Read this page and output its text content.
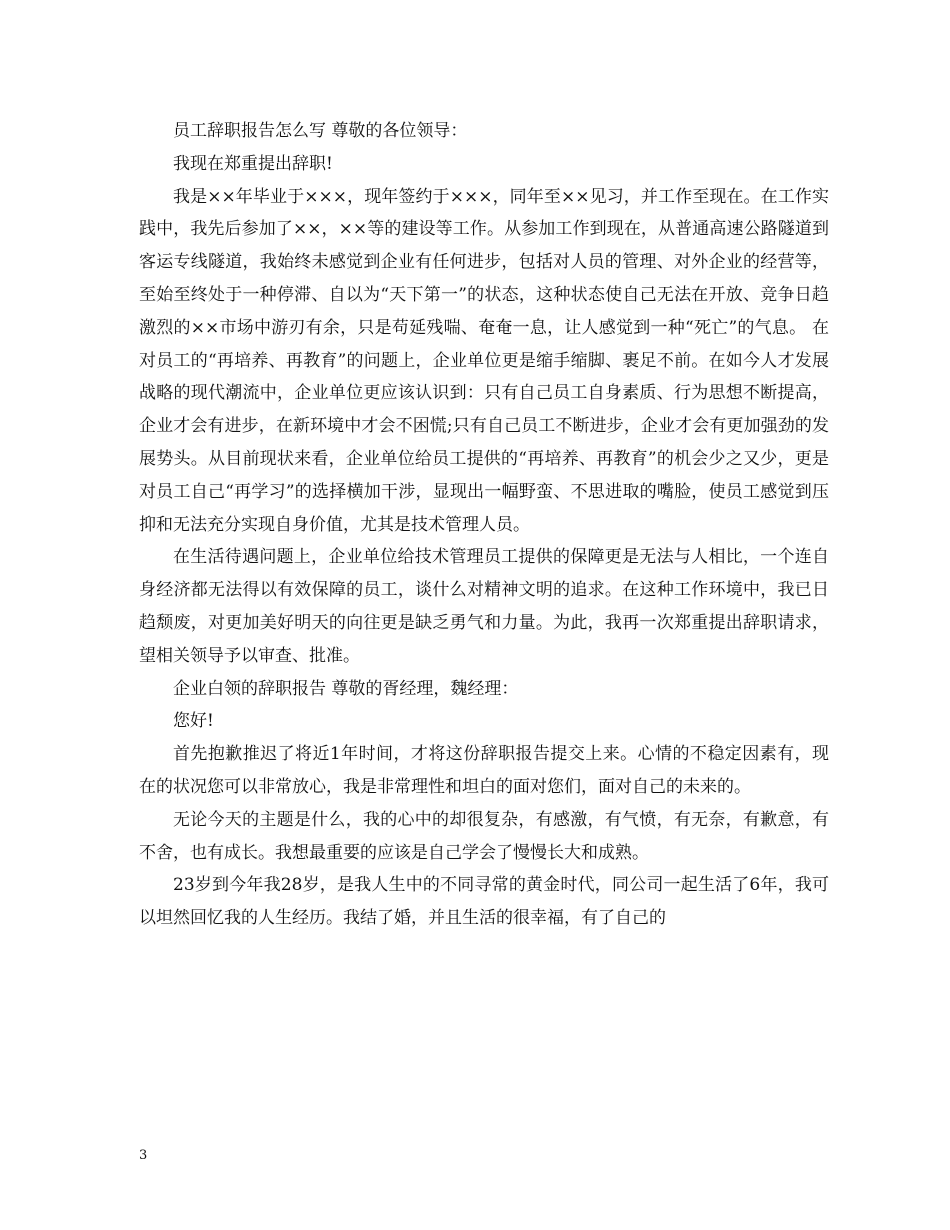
员工辞职报告怎么写 尊敬的各位领导：

我现在郑重提出辞职!

我是××年毕业于×××，现年签约于×××，同年至××见习，并工作至现在。在工作实践中，我先后参加了××，××等的建设等工作。从参加工作到现在，从普通高速公路隧道到客运专线隧道，我始终未感觉到企业有任何进步，包括对人员的管理、对外企业的经营等，至始至终处于一种停滞、自以为“天下第一”的状态，这种状态使自己无法在开放、竞争日趋激烈的××市场中游刃有余，只是苟延残喘、奄奄一息，让人感觉到一种“死亡”的气息。 在对员工的“再培养、再教育”的问题上，企业单位更是缩手缩脚、裹足不前。在如今人才发展战略的现代潮流中，企业单位更应该认识到：只有自己员工自身素质、行为思想不断提高，企业才会有进步，在新环境中才会不困慌;只有自己员工不断进步，企业才会有更加强劲的发展势头。从目前现状来看，企业单位给员工提供的“再培养、再教育”的机会少之又少，更是对员工自己“再学习”的选择横加干涉，显现出一幅野蛮、不思进取的嘴脸，使员工感觉到压抑和无法充分实现自身价值，尤其是技术管理人员。

在生活待遇问题上，企业单位给技术管理员工提供的保障更是无法与人相比，一个连自身经济都无法得以有效保障的员工，谈什么对精神文明的追求。在这种工作环境中，我已日趋颓废，对更加美好明天的向往更是缺乏勇气和力量。为此，我再一次郑重提出辞职请求，望相关领导予以审查、批准。

企业白领的辞职报告 尊敬的胥经理，魏经理：

您好!

首先抱歉推迟了将近1年时间，才将这份辞职报告提交上来。心情的不稳定因素有，现在的状况您可以非常放心，我是非常理性和坦白的面对您们，面对自己的未来的。

无论今天的主题是什么，我的心中的却很复杂，有感激，有气愤，有无奈，有歉意，有不舍，也有成长。我想最重要的应该是自己学会了慢慢长大和成熟。

23岁到今年我28岁，是我人生中的不同寻常的黄金时代，同公司一起生活了6年，我可以坦然回忆我的人生经历。我结了婚，并且生活的很幸福，有了自己的

3
